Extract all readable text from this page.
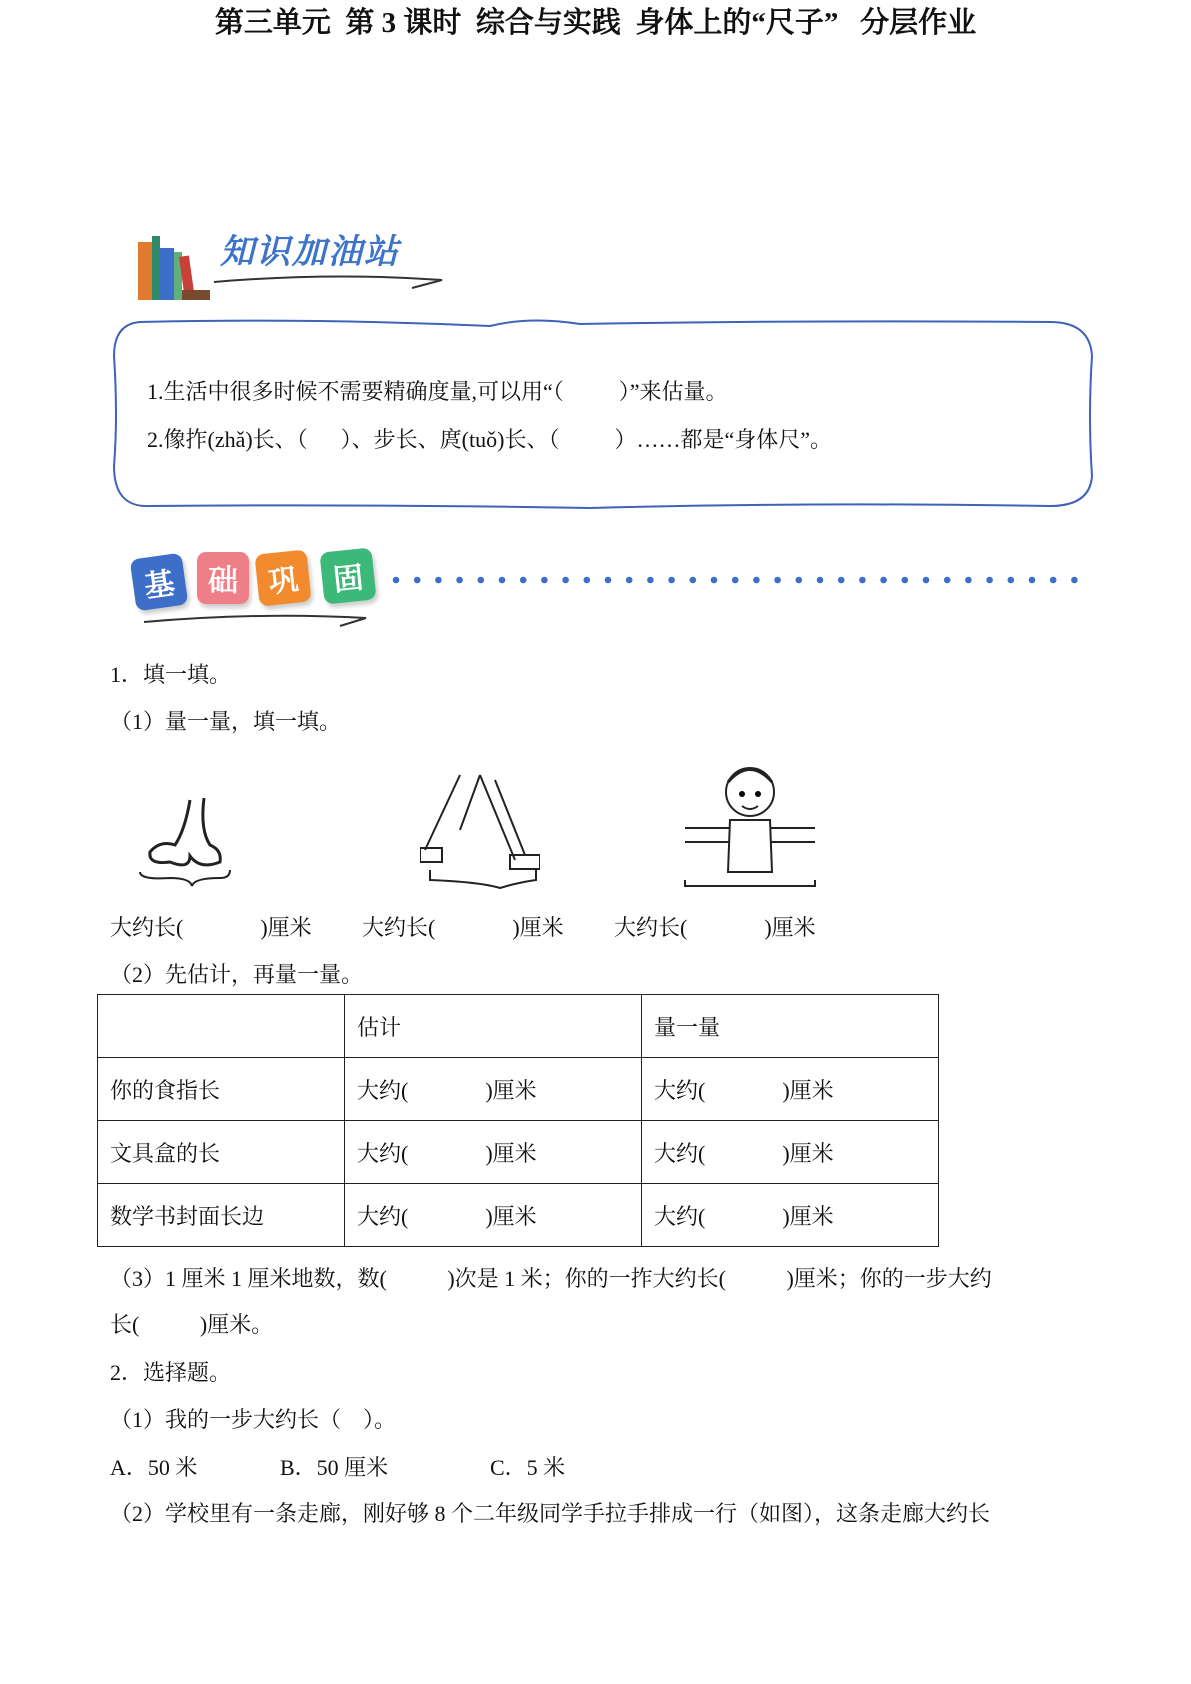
第三单元  第 3 课时  综合与实践  身体上的“尺子”   分层作业

知识加油站
1.生活中很多时候不需要精确度量,可以用“（          ）”来估量。
2.像拃(zhǎ)长、（      ）、步长、庹(tuǒ)长、（          ）……都是“身体尺”。
基	础 巩	固
1．填一填。
（1）量一量，填一填。
大约长(              )厘米 大约长(              )厘米 大约长(              )厘米
（2）先估计，再量一量。
	估计	量一量
你的食指长	大约(              )厘米	大约(              )厘米
文具盒的长	大约(              )厘米	大约(              )厘米
数学书封面长边	大约(              )厘米	大约(              )厘米
（3）1 厘米 1 厘米地数，数(           )次是 1 米；你的一拃大约长(           )厘米；你的一步大约
长(           )厘米。
2．选择题。
（1）我的一步大约长（    ）。
A．50 米	B．50 厘米	C．5 米
（2）学校里有一条走廊，刚好够 8 个二年级同学手拉手排成一行（如图），这条走廊大约长
